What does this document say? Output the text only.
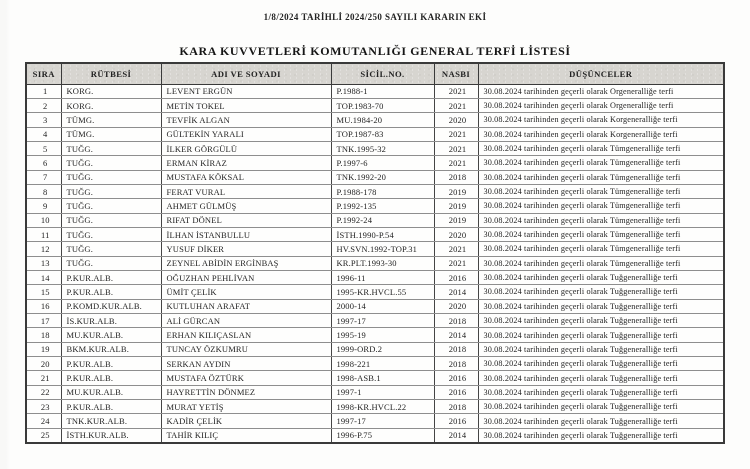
1/8/2024 TARİHLİ 2024/250 SAYILI KARARIN EKİ
KARA KUVVETLERİ KOMUTANLIĞI GENERAL TERFİ LİSTESİ
SIRA	RÜTBESİ	ADI VE SOYADI	SİCİL.NO.	NASBI	DÜŞÜNCELER
1	KORG.	LEVENT ERGÜN	P.1988-1	2021	30.08.2024 tarihinden geçerli olarak Orgeneralliğe terfi
2	KORG.	METİN TOKEL	TOP.1983-70	2021	30.08.2024 tarihinden geçerli olarak Orgeneralliğe terfi
3	TÜMG.	TEVFİK ALGAN	MU.1984-20	2020	30.08.2024 tarihinden geçerli olarak Korgeneralliğe terfi
4	TÜMG.	GÜLTEKİN YARALI	TOP.1987-83	2021	30.08.2024 tarihinden geçerli olarak Korgeneralliğe terfi
5	TUĞG.	İLKER GÖRGÜLÜ	TNK.1995-32	2021	30.08.2024 tarihinden geçerli olarak Tümgeneralliğe terfi
6	TUĞG.	ERMAN KİRAZ	P.1997-6	2021	30.08.2024 tarihinden geçerli olarak Tümgeneralliğe terfi
7	TUĞG.	MUSTAFA KÖKSAL	TNK.1992-20	2018	30.08.2024 tarihinden geçerli olarak Tümgeneralliğe terfi
8	TUĞG.	FERAT VURAL	P.1988-178	2019	30.08.2024 tarihinden geçerli olarak Tümgeneralliğe terfi
9	TUĞG.	AHMET GÜLMÜŞ	P.1992-135	2019	30.08.2024 tarihinden geçerli olarak Tümgeneralliğe terfi
10	TUĞG.	RIFAT DÖNEL	P.1992-24	2019	30.08.2024 tarihinden geçerli olarak Tümgeneralliğe terfi
11	TUĞG.	İLHAN İSTANBULLU	İSTH.1990-P.54	2020	30.08.2024 tarihinden geçerli olarak Tümgeneralliğe terfi
12	TUĞG.	YUSUF DİKER	HV.SVN.1992-TOP.31	2021	30.08.2024 tarihinden geçerli olarak Tümgeneralliğe terfi
13	TUĞG.	ZEYNEL ABİDİN ERGİNBAŞ	KR.PLT.1993-30	2021	30.08.2024 tarihinden geçerli olarak Tümgeneralliğe terfi
14	P.KUR.ALB.	OĞUZHAN PEHLİVAN	1996-11	2016	30.08.2024 tarihinden geçerli olarak Tuğgeneralliğe terfi
15	P.KUR.ALB.	ÜMİT ÇELİK	1995-KR.HVCL.55	2014	30.08.2024 tarihinden geçerli olarak Tuğgeneralliğe terfi
16	P.KOMD.KUR.ALB.	KUTLUHAN ARAFAT	2000-14	2020	30.08.2024 tarihinden geçerli olarak Tuğgeneralliğe terfi
17	İS.KUR.ALB.	ALİ GÜRCAN	1997-17	2018	30.08.2024 tarihinden geçerli olarak Tuğgeneralliğe terfi
18	MU.KUR.ALB.	ERHAN KILIÇASLAN	1995-19	2014	30.08.2024 tarihinden geçerli olarak Tuğgeneralliğe terfi
19	BKM.KUR.ALB.	TUNCAY ÖZKUMRU	1999-ORD.2	2018	30.08.2024 tarihinden geçerli olarak Tuğgeneralliğe terfi
20	P.KUR.ALB.	SERKAN AYDIN	1998-221	2018	30.08.2024 tarihinden geçerli olarak Tuğgeneralliğe terfi
21	P.KUR.ALB.	MUSTAFA ÖZTÜRK	1998-ASB.1	2016	30.08.2024 tarihinden geçerli olarak Tuğgeneralliğe terfi
22	MU.KUR.ALB.	HAYRETTİN DÖNMEZ	1997-1	2016	30.08.2024 tarihinden geçerli olarak Tuğgeneralliğe terfi
23	P.KUR.ALB.	MURAT YETİŞ	1998-KR.HVCL.22	2018	30.08.2024 tarihinden geçerli olarak Tuğgeneralliğe terfi
24	TNK.KUR.ALB.	KADİR ÇELİK	1997-17	2016	30.08.2024 tarihinden geçerli olarak Tuğgeneralliğe terfi
25	İSTH.KUR.ALB.	TAHİR KILIÇ	1996-P.75	2014	30.08.2024 tarihinden geçerli olarak Tuğgeneralliğe terfi
